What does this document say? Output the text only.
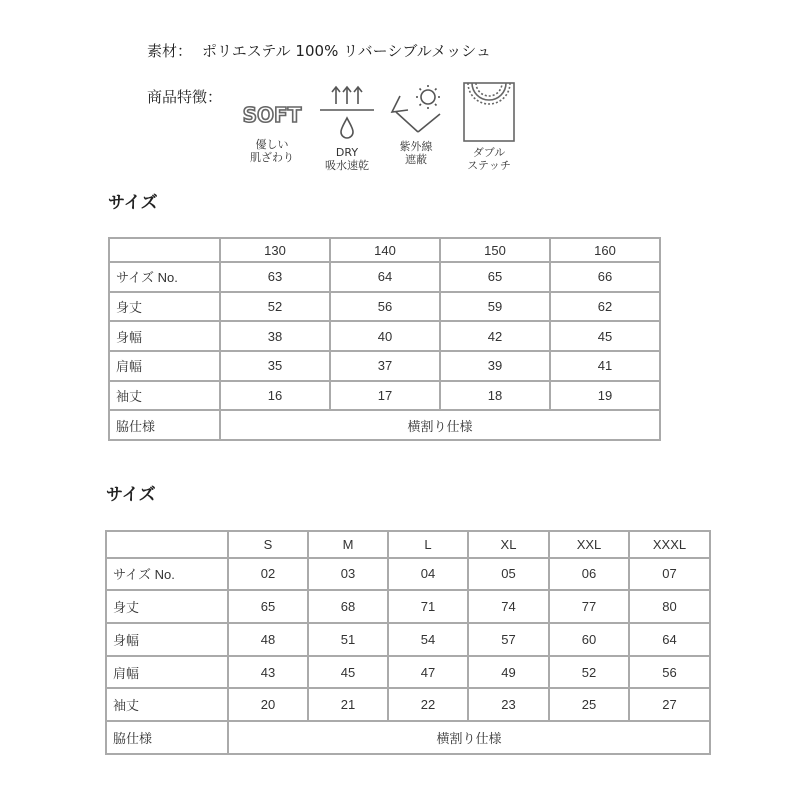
素材： ポリエステル 100% リバーシブルメッシュ
商品特徴：
SOFT
優しい
肌ざわり	DRY
吸水速乾
紫外線
遮蔽
ダブル
ステッチ
サイズ
	130	140	150	160
サイズ No.	63	64	65	66
身丈	52	56	59	62
身幅	38	40	42	45
肩幅	35	37	39	41
袖丈	16	17	18	19
脇仕様	横割り仕様			
サイズ
	S	M	L	XL	XXL	XXXL
サイズ No.	02	03	04	05	06	07
身丈	65	68	71	74	77	80
身幅	48	51	54	57	60	64
肩幅	43	45	47	49	52	56
袖丈	20	21	22	23	25	27
脇仕様	横割り仕様					
